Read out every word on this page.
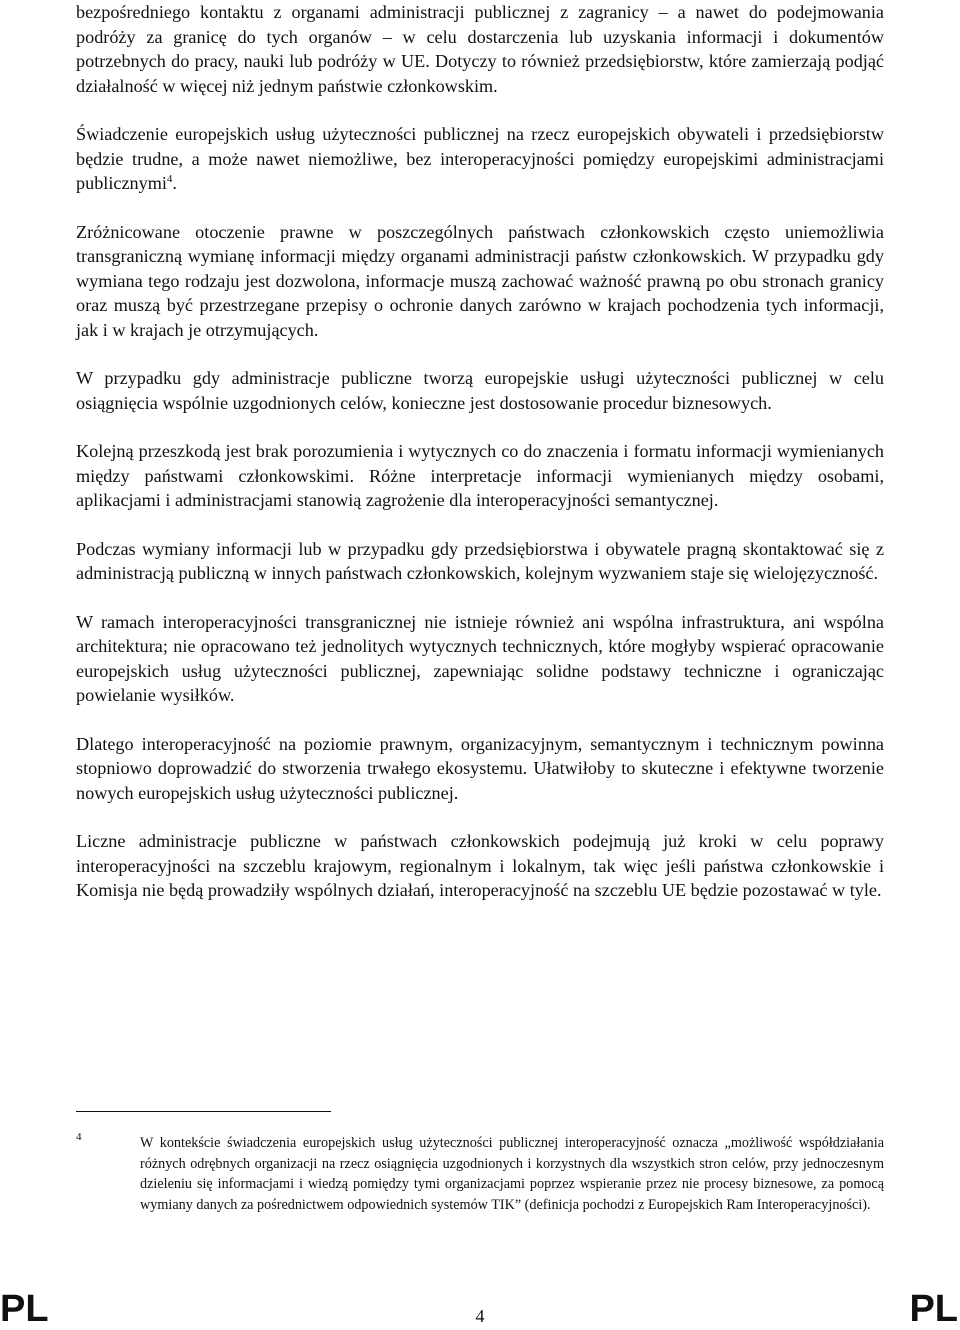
bezpośredniego kontaktu z organami administracji publicznej z zagranicy – a nawet do podejmowania podróży za granicę do tych organów – w celu dostarczenia lub uzyskania informacji i dokumentów potrzebnych do pracy, nauki lub podróży w UE. Dotyczy to również przedsiębiorstw, które zamierzają podjąć działalność w więcej niż jednym państwie członkowskim.

Świadczenie europejskich usług użyteczności publicznej na rzecz europejskich obywateli i przedsiębiorstw będzie trudne, a może nawet niemożliwe, bez interoperacyjności pomiędzy europejskimi administracjami publicznymi$^4$.

Zróżnicowane otoczenie prawne w poszczególnych państwach członkowskich często uniemożliwia transgraniczną wymianę informacji między organami administracji państw członkowskich. W przypadku gdy wymiana tego rodzaju jest dozwolona, informacje muszą zachować ważność prawną po obu stronach granicy oraz muszą być przestrzegane przepisy o ochronie danych zarówno w krajach pochodzenia tych informacji, jak i w krajach je otrzymujących.

W przypadku gdy administracje publiczne tworzą europejskie usługi użyteczności publicznej w celu osiągnięcia wspólnie uzgodnionych celów, konieczne jest dostosowanie procedur biznesowych.

Kolejną przeszkodą jest brak porozumienia i wytycznych co do znaczenia i formatu informacji wymienianych między państwami członkowskimi. Różne interpretacje informacji wymienianych między osobami, aplikacjami i administracjami stanowią zagrożenie dla interoperacyjności semantycznej.

Podczas wymiany informacji lub w przypadku gdy przedsiębiorstwa i obywatele pragną skontaktować się z administracją publiczną w innych państwach członkowskich, kolejnym wyzwaniem staje się wielojęzyczność.

W ramach interoperacyjności transgranicznej nie istnieje również ani wspólna infrastruktura, ani wspólna architektura; nie opracowano też jednolitych wytycznych technicznych, które mogłyby wspierać opracowanie europejskich usług użyteczności publicznej, zapewniając solidne podstawy techniczne i ograniczając powielanie wysiłków.

Dlatego interoperacyjność na poziomie prawnym, organizacyjnym, semantycznym i technicznym powinna stopniowo doprowadzić do stworzenia trwałego ekosystemu. Ułatwiłoby to skuteczne i efektywne tworzenie nowych europejskich usług użyteczności publicznej.

Liczne administracje publiczne w państwach członkowskich podejmują już kroki w celu poprawy interoperacyjności na szczeblu krajowym, regionalnym i lokalnym, tak więc jeśli państwa członkowskie i Komisja nie będą prowadziły wspólnych działań, interoperacyjność na szczeblu UE będzie pozostawać w tyle.

4	W kontekście świadczenia europejskich usług użyteczności publicznej interoperacyjność oznacza „możliwość współdziałania różnych odrębnych organizacji na rzecz osiągnięcia uzgodnionych i korzystnych dla wszystkich stron celów, przy jednoczesnym dzieleniu się informacjami i wiedzą pomiędzy tymi organizacjami poprzez wspieranie przez nie procesy biznesowe, za pomocą wymiany danych za pośrednictwem odpowiednich systemów TIK” (definicja pochodzi z Europejskich Ram Interoperacyjności).
PL	4	PL
